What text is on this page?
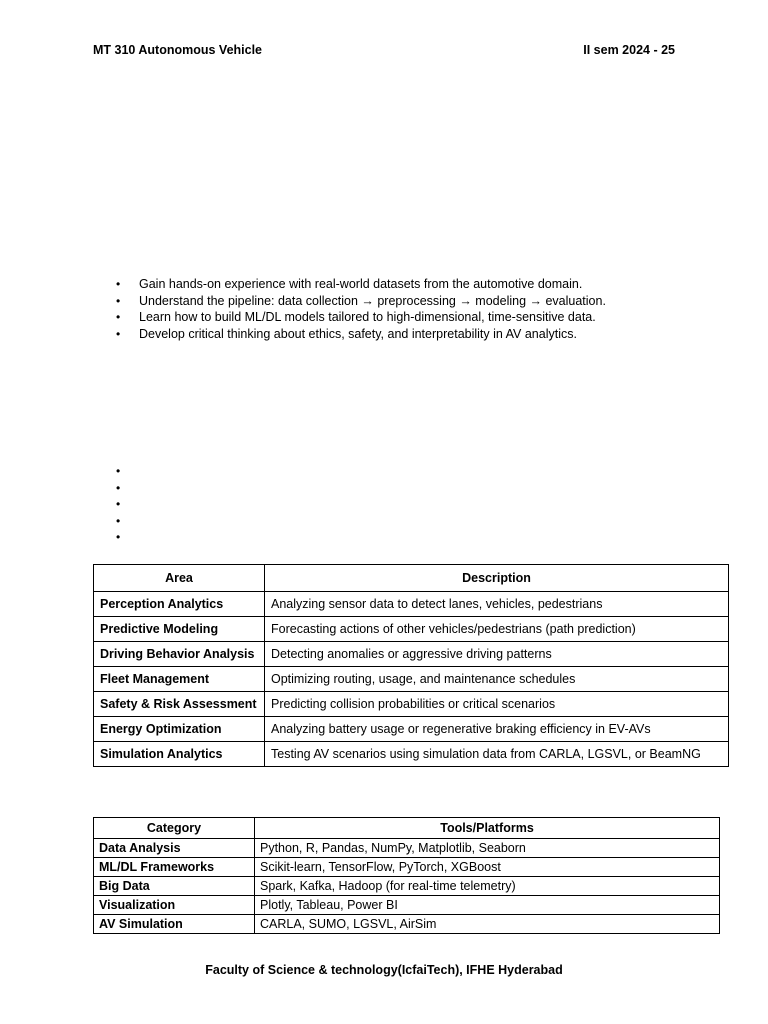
MT 310 Autonomous Vehicle	II sem 2024 - 25
• Gain hands-on experience with real-world datasets from the automotive domain.
• Understand the pipeline: data collection → preprocessing → modeling → evaluation.
• Learn how to build ML/DL models tailored to high-dimensional, time-sensitive data.
• Develop critical thinking about ethics, safety, and interpretability in AV analytics.
•
•
•
•
•
Area	Description
Perception Analytics	Analyzing sensor data to detect lanes, vehicles, pedestrians
Predictive Modeling	Forecasting actions of other vehicles/pedestrians (path prediction)
Driving Behavior Analysis	Detecting anomalies or aggressive driving patterns
Fleet Management	Optimizing routing, usage, and maintenance schedules
Safety & Risk Assessment	Predicting collision probabilities or critical scenarios
Energy Optimization	Analyzing battery usage or regenerative braking efficiency in EV-AVs
Simulation Analytics	Testing AV scenarios using simulation data from CARLA, LGSVL, or BeamNG
Category	Tools/Platforms
Data Analysis	Python, R, Pandas, NumPy, Matplotlib, Seaborn
ML/DL Frameworks	Scikit-learn, TensorFlow, PyTorch, XGBoost
Big Data	Spark, Kafka, Hadoop (for real-time telemetry)
Visualization	Plotly, Tableau, Power BI
AV Simulation	CARLA, SUMO, LGSVL, AirSim
Faculty of Science & technology(IcfaiTech), IFHE Hyderabad
